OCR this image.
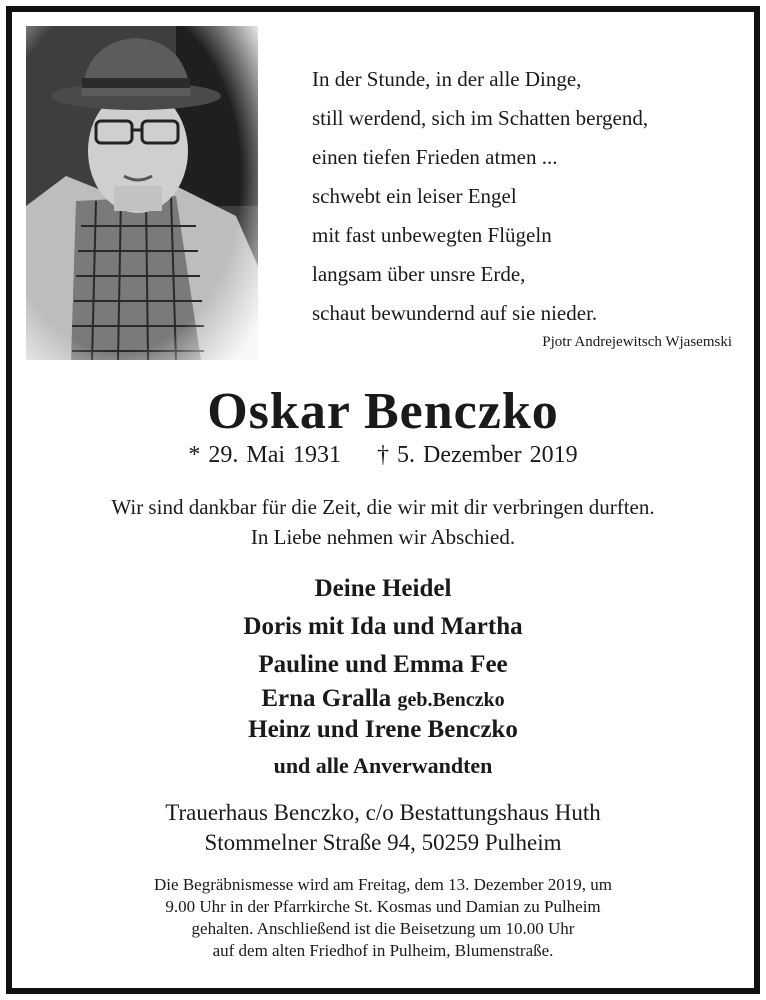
In der Stunde, in der alle Dinge,
still werdend, sich im Schatten bergend,
einen tiefen Frieden atmen ...
schwebt ein leiser Engel
mit fast unbewegten Flügeln
langsam über unsre Erde,
schaut bewundernd auf sie nieder.
Pjotr Andrejewitsch Wjasemski
Oskar Benczko
* 29. Mai 1931 † 5. Dezember 2019
Wir sind dankbar für die Zeit, die wir mit dir verbringen durften.
In Liebe nehmen wir Abschied.
Deine Heidel
Doris mit Ida und Martha
Pauline und Emma Fee
Erna Gralla geb.Benczko
Heinz und Irene Benczko
und alle Anverwandten
Trauerhaus Benczko, c/o Bestattungshaus Huth
Stommelner Straße 94, 50259 Pulheim
Die Begräbnismesse wird am Freitag, dem 13. Dezember 2019, um
9.00 Uhr in der Pfarrkirche St. Kosmas und Damian zu Pulheim
gehalten. Anschließend ist die Beisetzung um 10.00 Uhr
auf dem alten Friedhof in Pulheim, Blumenstraße.
